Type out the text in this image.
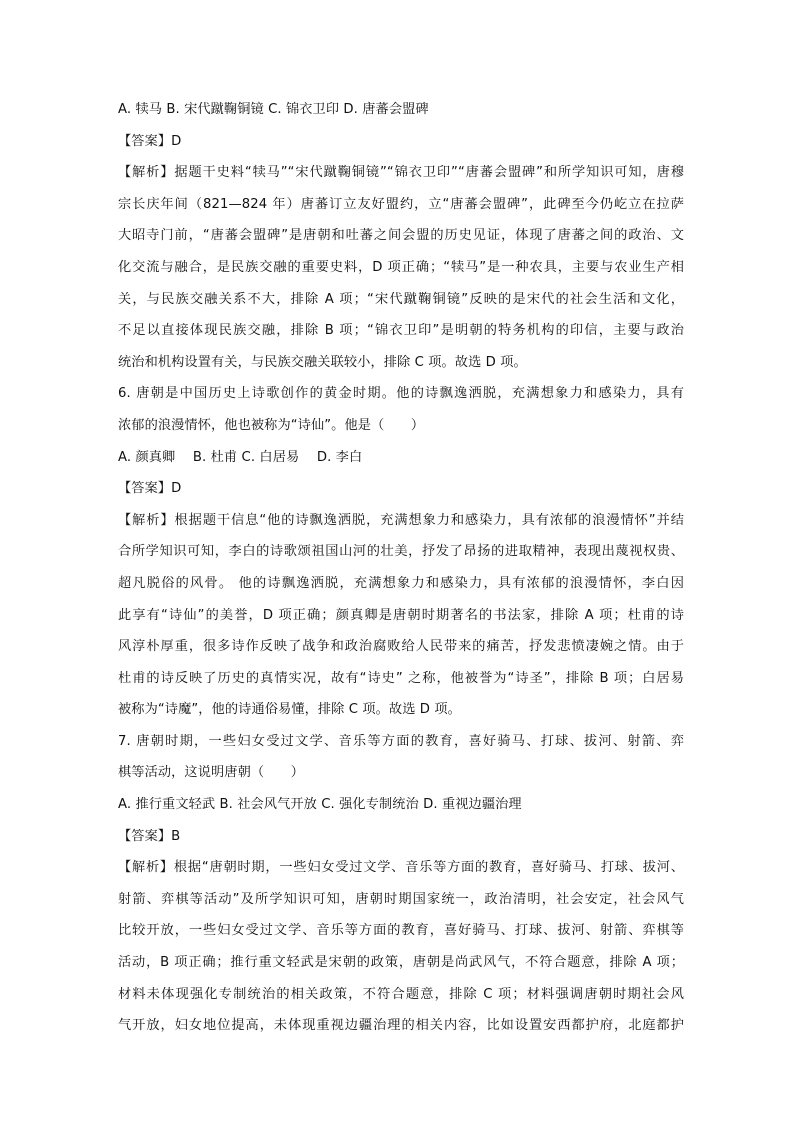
A. 犊马 B. 宋代蹴鞠铜镜 C. 锦衣卫印 D. 唐蕃会盟碑
【答案】D
【解析】据题干史料“犊马”“宋代蹴鞠铜镜”“锦衣卫印”“唐蕃会盟碑”和所学知识可知，唐穆
宗长庆年间（821—824 年）唐蕃订立友好盟约，立“唐蕃会盟碑”，此碑至今仍屹立在拉萨
大昭寺门前，“唐蕃会盟碑”是唐朝和吐蕃之间会盟的历史见证，体现了唐蕃之间的政治、文
化交流与融合，是民族交融的重要史料，D 项正确；“犊马”是一种农具，主要与农业生产相
关，与民族交融关系不大，排除 A 项；“宋代蹴鞠铜镜”反映的是宋代的社会生活和文化，
不足以直接体现民族交融，排除 B 项；“锦衣卫印”是明朝的特务机构的印信，主要与政治
统治和机构设置有关，与民族交融关联较小，排除 C 项。故选 D 项。
6. 唐朝是中国历史上诗歌创作的黄金时期。他的诗飘逸洒脱，充满想象力和感染力，具有
浓郁的浪漫情怀，他也被称为“诗仙”。他是（　　）
A. 颜真卿　 B. 杜甫 C. 白居易　 D. 李白
【答案】D
【解析】根据题干信息“他的诗飘逸洒脱，充满想象力和感染力，具有浓郁的浪漫情怀”并结
合所学知识可知，李白的诗歌颂祖国山河的壮美，抒发了昂扬的进取精神，表现出蔑视权贵、
超凡脱俗的风骨。 他的诗飘逸洒脱，充满想象力和感染力，具有浓郁的浪漫情怀，李白因
此享有“诗仙”的美誉，D 项正确；颜真卿是唐朝时期著名的书法家，排除 A 项；杜甫的诗
风淳朴厚重，很多诗作反映了战争和政治腐败给人民带来的痛苦，抒发悲愤凄婉之情。由于
杜甫的诗反映了历史的真情实况，故有“诗史” 之称，他被誉为“诗圣”，排除 B 项；白居易
被称为“诗魔”，他的诗通俗易懂，排除 C 项。故选 D 项。
7. 唐朝时期，一些妇女受过文学、音乐等方面的教育，喜好骑马、打球、拔河、射箭、弈
棋等活动，这说明唐朝（　　）
A. 推行重文轻武 B. 社会风气开放 C. 强化专制统治 D. 重视边疆治理
【答案】B
【解析】根据“唐朝时期，一些妇女受过文学、音乐等方面的教育，喜好骑马、打球、拔河、
射箭、弈棋等活动”及所学知识可知，唐朝时期国家统一，政治清明，社会安定，社会风气
比较开放，一些妇女受过文学、音乐等方面的教育，喜好骑马、打球、拔河、射箭、弈棋等
活动，B 项正确；推行重文轻武是宋朝的政策，唐朝是尚武风气，不符合题意，排除 A 项；
材料未体现强化专制统治的相关政策，不符合题意，排除 C 项；材料强调唐朝时期社会风
气开放，妇女地位提高，未体现重视边疆治理的相关内容，比如设置安西都护府，北庭都护
